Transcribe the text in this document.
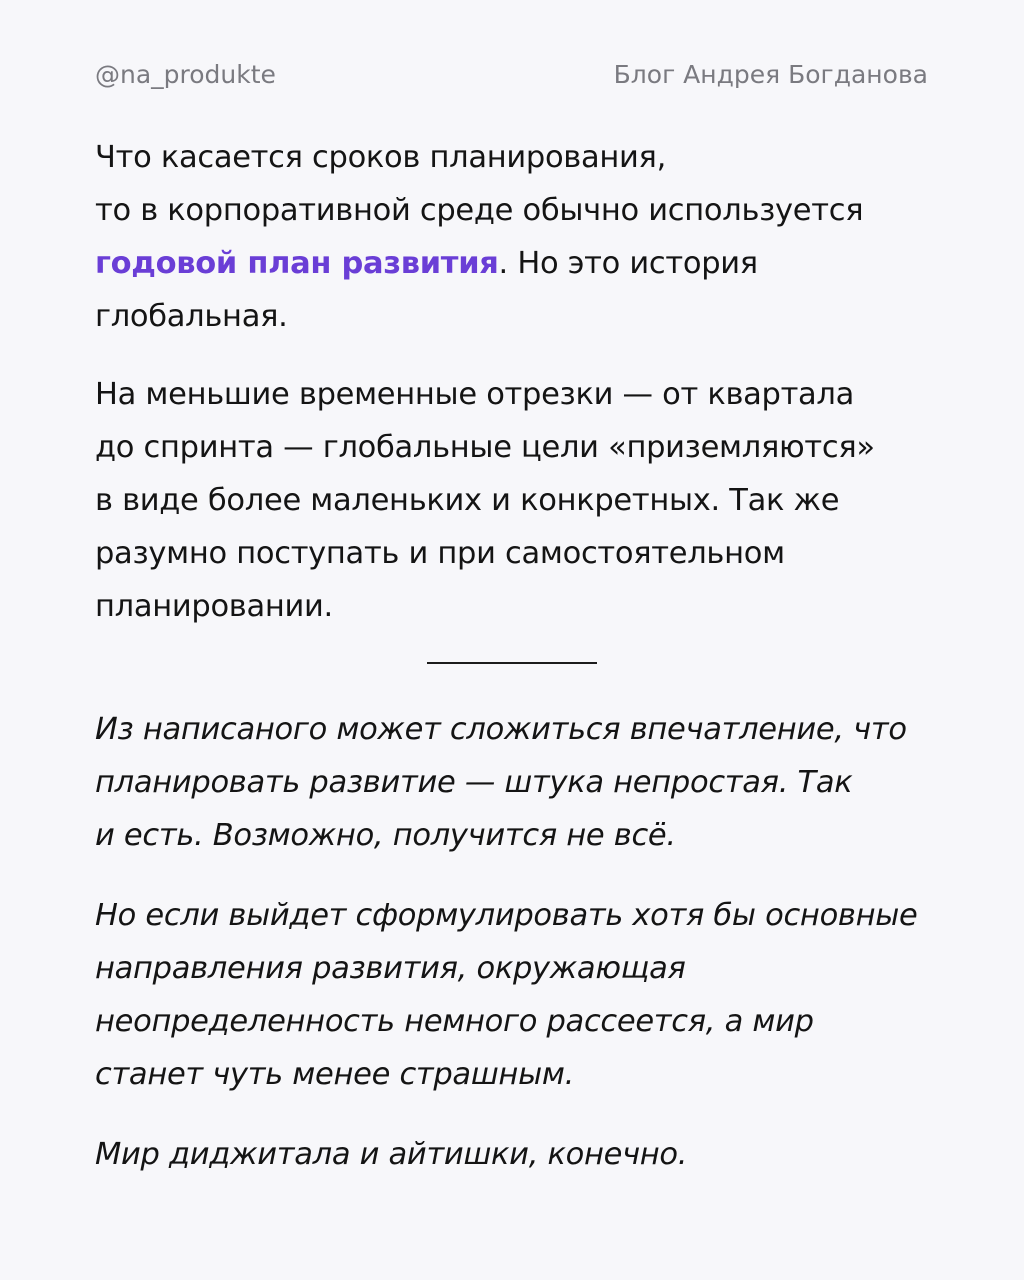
@na_produkte	Блог Андрея Богданова

Что касается сроков планирования,
то в корпоративной среде обычно используется
годовой план развития. Но это история
глобальная.

На меньшие временные отрезки — от квартала
до спринта — глобальные цели «приземляются»
в виде более маленьких и конкретных. Так же
разумно поступать и при самостоятельном
планировании.

Из написаного может сложиться впечатление, что
планировать развитие — штука непростая. Так
и есть. Возможно, получится не всё.

Но если выйдет сформулировать хотя бы основные
направления развития, окружающая
неопределенность немного рассеется, а мир
станет чуть менее страшным.

Мир диджитала и айтишки, конечно.
